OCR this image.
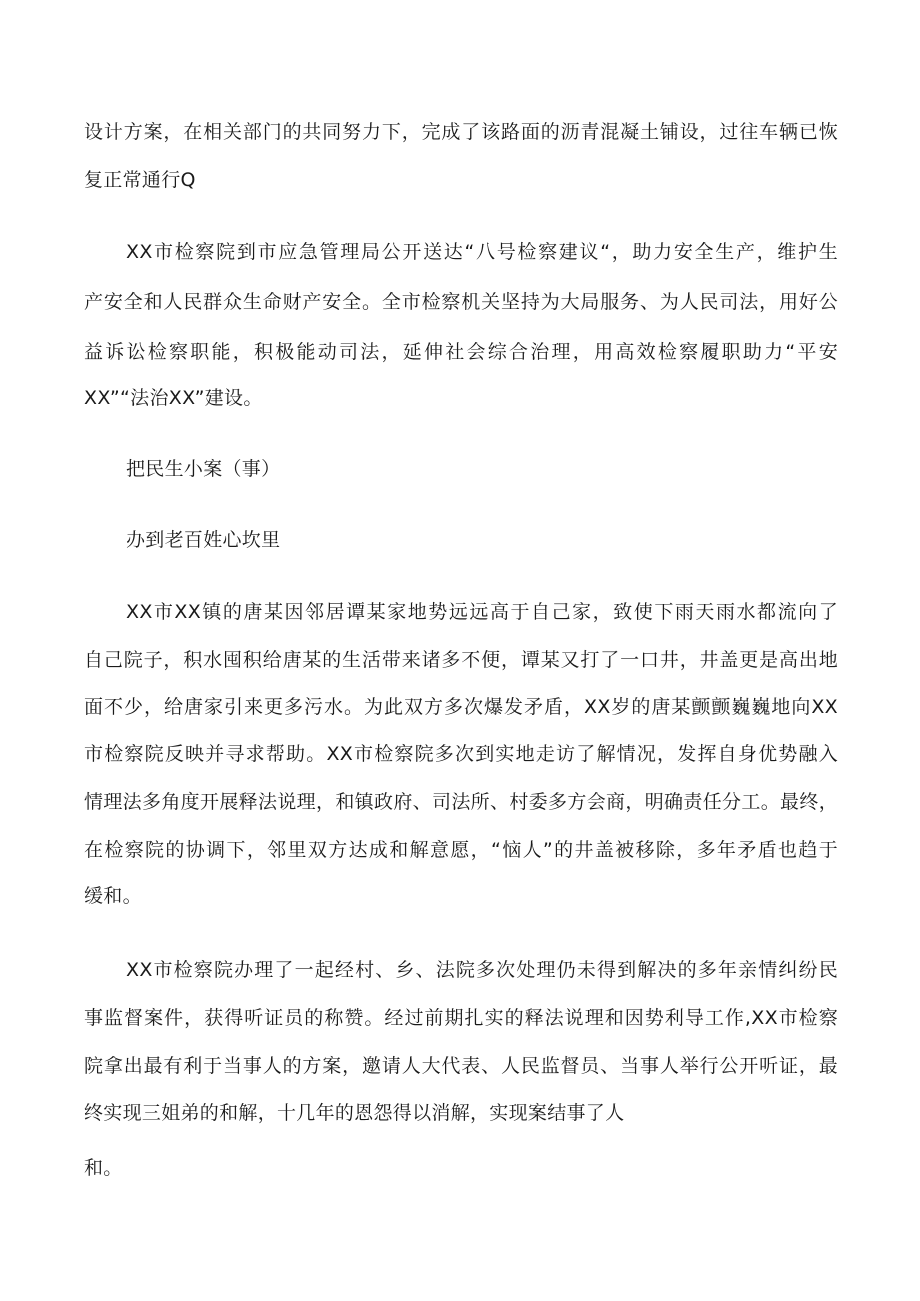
设计方案，在相关部门的共同努力下，完成了该路面的沥青混凝土铺设，过往车辆已恢
复正常通行Q
XX市检察院到市应急管理局公开送达“八号检察建议“，助力安全生产，维护生
产安全和人民群众生命财产安全。全市检察机关坚持为大局服务、为人民司法，用好公
益诉讼检察职能，积极能动司法，延伸社会综合治理，用高效检察履职助力“平安
XX”“法治XX”建设。
把民生小案（事）
办到老百姓心坎里
XX市XX镇的唐某因邻居谭某家地势远远高于自己家，致使下雨天雨水都流向了
自己院子，积水囤积给唐某的生活带来诸多不便，谭某又打了一口井，井盖更是高出地
面不少，给唐家引来更多污水。为此双方多次爆发矛盾，XX岁的唐某颤颤巍巍地向XX
市检察院反映并寻求帮助。XX市检察院多次到实地走访了解情况，发挥自身优势融入
情理法多角度开展释法说理，和镇政府、司法所、村委多方会商，明确责任分工。最终，
在检察院的协调下，邻里双方达成和解意愿，“恼人”的井盖被移除，多年矛盾也趋于
缓和。
XX市检察院办理了一起经村、乡、法院多次处理仍未得到解决的多年亲情纠纷民
事监督案件，获得听证员的称赞。经过前期扎实的释法说理和因势利导工作,XX市检察
院拿出最有利于当事人的方案，邀请人大代表、人民监督员、当事人举行公开听证，最
终实现三姐弟的和解，十几年的恩怨得以消解，实现案结事了人
和。
